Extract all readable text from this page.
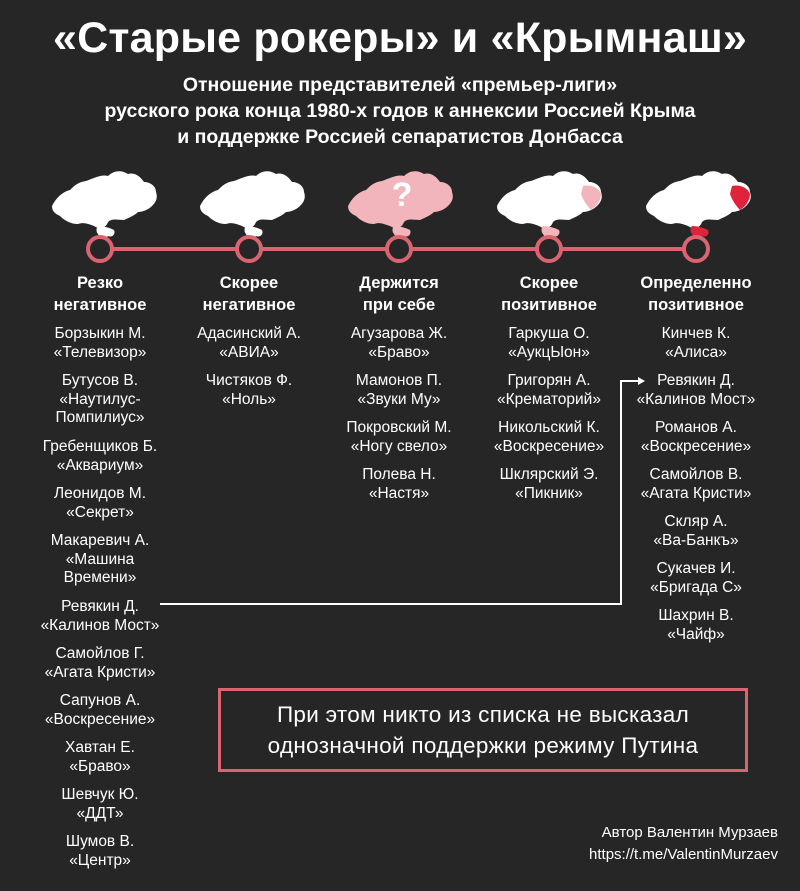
«Старые рокеры» и «Крымнаш»
Отношение представителей «премьер-лиги»
русского рока конца 1980-х годов к аннексии Россией Крыма
и поддержке Россией сепаратистов Донбасса
?
Резко
негативное
Борзыкин М.
«Телевизор»
Бутусов В.
«Наутилус-
Помпилиус»
Гребенщиков Б.
«Аквариум»
Леонидов М.
«Секрет»
Макаревич А.
«Машина
Времени»
Ревякин Д.
«Калинов Мост»
Самойлов Г.
«Агата Кристи»
Сапунов А.
«Воскресение»
Хавтан Е.
«Браво»
Шевчук Ю.
«ДДТ»
Шумов В.
«Центр»
Скорее
негативное
Адасинский А.
«АВИА»
Чистяков Ф.
«Ноль»
Держится
при себе
Агузарова Ж.
«Браво»
Мамонов П.
«Звуки Му»
Покровский М.
«Ногу свело»
Полева Н.
«Настя»
Скорее
позитивное
Гаркуша О.
«АукцЫон»
Григорян А.
«Крематорий»
Никольский К.
«Воскресение»
Шклярский Э.
«Пикник»
Определенно
позитивное
Кинчев К.
«Алиса»
Ревякин Д.
«Калинов Мост»
Романов А.
«Воскресение»
Самойлов В.
«Агата Кристи»
Скляр А.
«Ва-Банкъ»
Сукачев И.
«Бригада С»
Шахрин В.
«Чайф»
При этом никто из списка не высказал
однозначной поддержки режиму Путина
Автор Валентин Мурзаев
https://t.me/ValentinMurzaev
